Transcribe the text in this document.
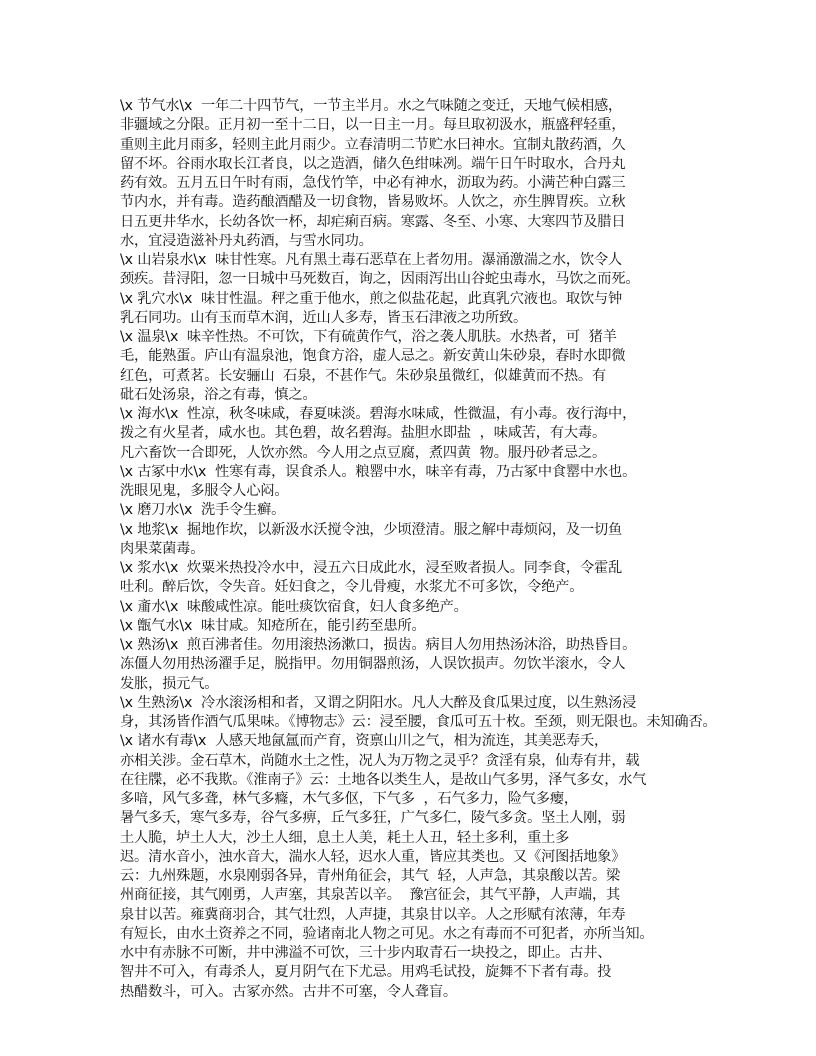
\x 节气水\x  一年二十四节气，一节主半月。水之气味随之变迁，天地气候相感，
非疆域之分限。正月初一至十二日，以一日主一月。每旦取初汲水，瓶盛秤轻重，
重则主此月雨多，轻则主此月雨少。立春清明二节贮水曰神水。宜制丸散药酒，久
留不坏。谷雨水取长江者良，以之造酒，储久色绀味冽。端午日午时取水，合丹丸
药有效。五月五日午时有雨，急伐竹竿，中必有神水，沥取为药。小满芒种白露三
节内水，并有毒。造药酿酒醋及一切食物，皆易败坏。人饮之，亦生脾胃疾。立秋
日五更井华水，长幼各饮一杯，却疟痢百病。寒露、冬至、小寒、大寒四节及腊日
水，宜浸造滋补丹丸药酒，与雪水同功。
\x 山岩泉水\x  味甘性寒。凡有黑土毒石恶草在上者勿用。瀑涌激湍之水，饮令人
颈疾。昔浔阳，忽一日城中马死数百，询之，因雨泻出山谷蛇虫毒水，马饮之而死。
\x 乳穴水\x  味甘性温。秤之重于他水，煎之似盐花起，此真乳穴液也。取饮与钟
乳石同功。山有玉而草木润，近山人多寿，皆玉石津液之功所致。
\x 温泉\x  味辛性热。不可饮，下有硫黄作气，浴之袭人肌肤。水热者，可  猪羊
毛，能熟蛋。庐山有温泉池，饱食方浴，虚人忌之。新安黄山朱砂泉，春时水即微
红色，可煮茗。长安骊山  石泉，不甚作气。朱砂泉虽微红，似雄黄而不热。有
砒石处汤泉，浴之有毒，慎之。
\x 海水\x  性凉，秋冬味咸，春夏味淡。碧海水味咸，性微温，有小毒。夜行海中，
拨之有火星者，咸水也。其色碧，故名碧海。盐胆水即盐  ，味咸苦，有大毒。
凡六畜饮一合即死，人饮亦然。今人用之点豆腐，煮四黄  物。服丹砂者忌之。
\x 古冢中水\x  性寒有毒，误食杀人。粮罂中水，味辛有毒，乃古冢中食罂中水也。
洗眼见鬼，多服令人心闷。
\x 磨刀水\x  洗手令生癣。
\x 地浆\x  掘地作坎，以新汲水沃搅令浊，少顷澄清。服之解中毒烦闷，及一切鱼
肉果菜菌毒。
\x 浆水\x  炊粟米热投冷水中，浸五六日成此水，浸至败者损人。同李食，令霍乱
吐利。醉后饮，令失音。妊妇食之，令儿骨瘦，水浆尤不可多饮，令绝产。
\x 齑水\x  味酸咸性凉。能吐痰饮宿食，妇人食多绝产。
\x 甑气水\x  味甘咸。知疮所在，能引药至患所。
\x 熟汤\x  煎百沸者佳。勿用滚热汤漱口，损齿。病目人勿用热汤沐浴，助热昏目。
冻僵人勿用热汤濯手足，脱指甲。勿用铜器煎汤，人误饮损声。勿饮半滚水，令人
发胀，损元气。
\x 生熟汤\x  冷水滚汤相和者，又谓之阴阳水。凡人大醉及食瓜果过度，以生熟汤浸
身，其汤皆作酒气瓜果味。《博物志》云：浸至腰，食瓜可五十枚。至颈，则无限也。未知确否。
\x 诸水有毒\x  人感天地氤氲而产育，资禀山川之气，相为流连，其美恶寿夭，
亦相关涉。金石草木，尚随水土之性，况人为万物之灵乎？贪淫有泉，仙寿有井，载
在往牒，必不我欺。《淮南子》云：土地各以类生人，是故山气多男，泽气多女，水气
多喑，风气多聋，林气多癃，木气多伛，下气多  ，石气多力，险气多瘿，
暑气多夭，寒气多寿，谷气多痹，丘气多狂，广气多仁，陵气多贪。坚土人刚，弱
土人脆，垆土人大，沙土人细，息土人美，耗土人丑，轻土多利，重土多
迟。清水音小，浊水音大，湍水人轻，迟水人重，皆应其类也。又《河图括地象》
云：九州殊题，水泉刚弱各异，青州角征会，其气  轻，人声急，其泉酸以苦。梁
州商征接，其气刚勇，人声塞，其泉苦以辛。  豫宫征会，其气平静，人声端，其
泉甘以苦。雍冀商羽合，其气壮烈，人声捷，其泉甘以辛。人之形赋有浓薄，年寿
有短长，由水土资养之不同，验诸南北人物之可见。水之有毒而不可犯者，亦所当知。
水中有赤脉不可断，井中沸溢不可饮，三十步内取青石一块投之，即止。古井、
智井不可入，有毒杀人，夏月阴气在下尤忌。用鸡毛试投，旋舞不下者有毒。投
热醋数斗，可入。古冢亦然。古井不可塞，令人聋盲。
